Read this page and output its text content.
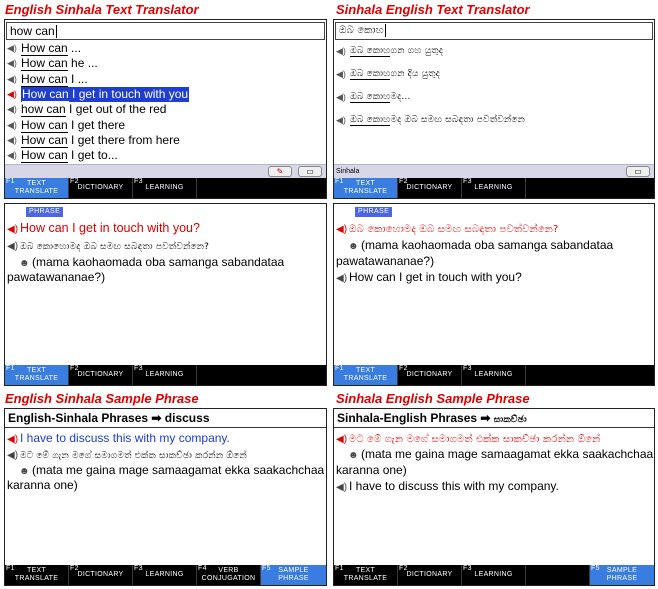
English Sinhala Text Translator	Sinhala English Text Translator
English Sinhala Sample Phrase	Sinhala English Sample Phrase
how can
◀) How can ...
◀) How can he ...
◀) How can I ...
◀) How can I get in touch with you
◀) how can I get out of the red
◀) How can I get there
◀) How can I get there from here
◀) How can I get to...
✎	▭
F1 TEXT
TRANSLATE
F2
DICTIONARY
F3
LEARNING
ඔබ කොහ
◀) ඔබ කොහගන ගහ යුතුද
◀) ඔබ කොහගන දිය යුතුද
◀) ඔබ කොහමද...
◀) ඔබ කොහමද ඔබ සමඟ සබඳතා පවත්වන්නෙ
Sinhala	▭
F1 TEXT
TRANSLATE
F2
DICTIONARY
F3
LEARNING
PHRASE
◀) How can I get in touch with you?
◀) ඔබ කොහොමද ඔබ සමඟ සබඳතා පවත්වන්නෙ?
☻ (mama kaohaomada oba samanga sabandataa
pawatawananae?)
F1 TEXT
TRANSLATE
F2
DICTIONARY
F3
LEARNING
PHRASE
◀) ඔබ කොහොමද ඔබ සමඟ සබඳතා පවත්වන්නෙ?
☻ (mama kaohaomada oba samanga sabandataa
pawatawananae?)
◀) How can I get in touch with you?
F1 TEXT
TRANSLATE
F2
DICTIONARY
F3
LEARNING
English-Sinhala Phrases ➡ discuss
◀) I have to discuss this with my company.
◀) මට මේ ගැන මගේ සමාගමත් එක්ක සාකච්ඡා කරන්න ඕනේ
☻ (mata me gaina mage samaagamat ekka saakachchaa
karanna one)
F1 TEXT
TRANSLATE
F2
DICTIONARY
F3
LEARNING
F4 VERB
CONJUGATION
F5 SAMPLE
PHRASE
Sinhala-English Phrases ➡ සාකච්ඡා
◀) මට මේ ගැන මගේ සමාගමත් එක්ක සාකච්ඡා කරන්න ඕනේ
☻ (mata me gaina mage samaagamat ekka saakachchaa
karanna one)
◀) I have to discuss this with my company.
F1 TEXT
TRANSLATE
F2
DICTIONARY
F3
LEARNING
F5 SAMPLE
PHRASE
